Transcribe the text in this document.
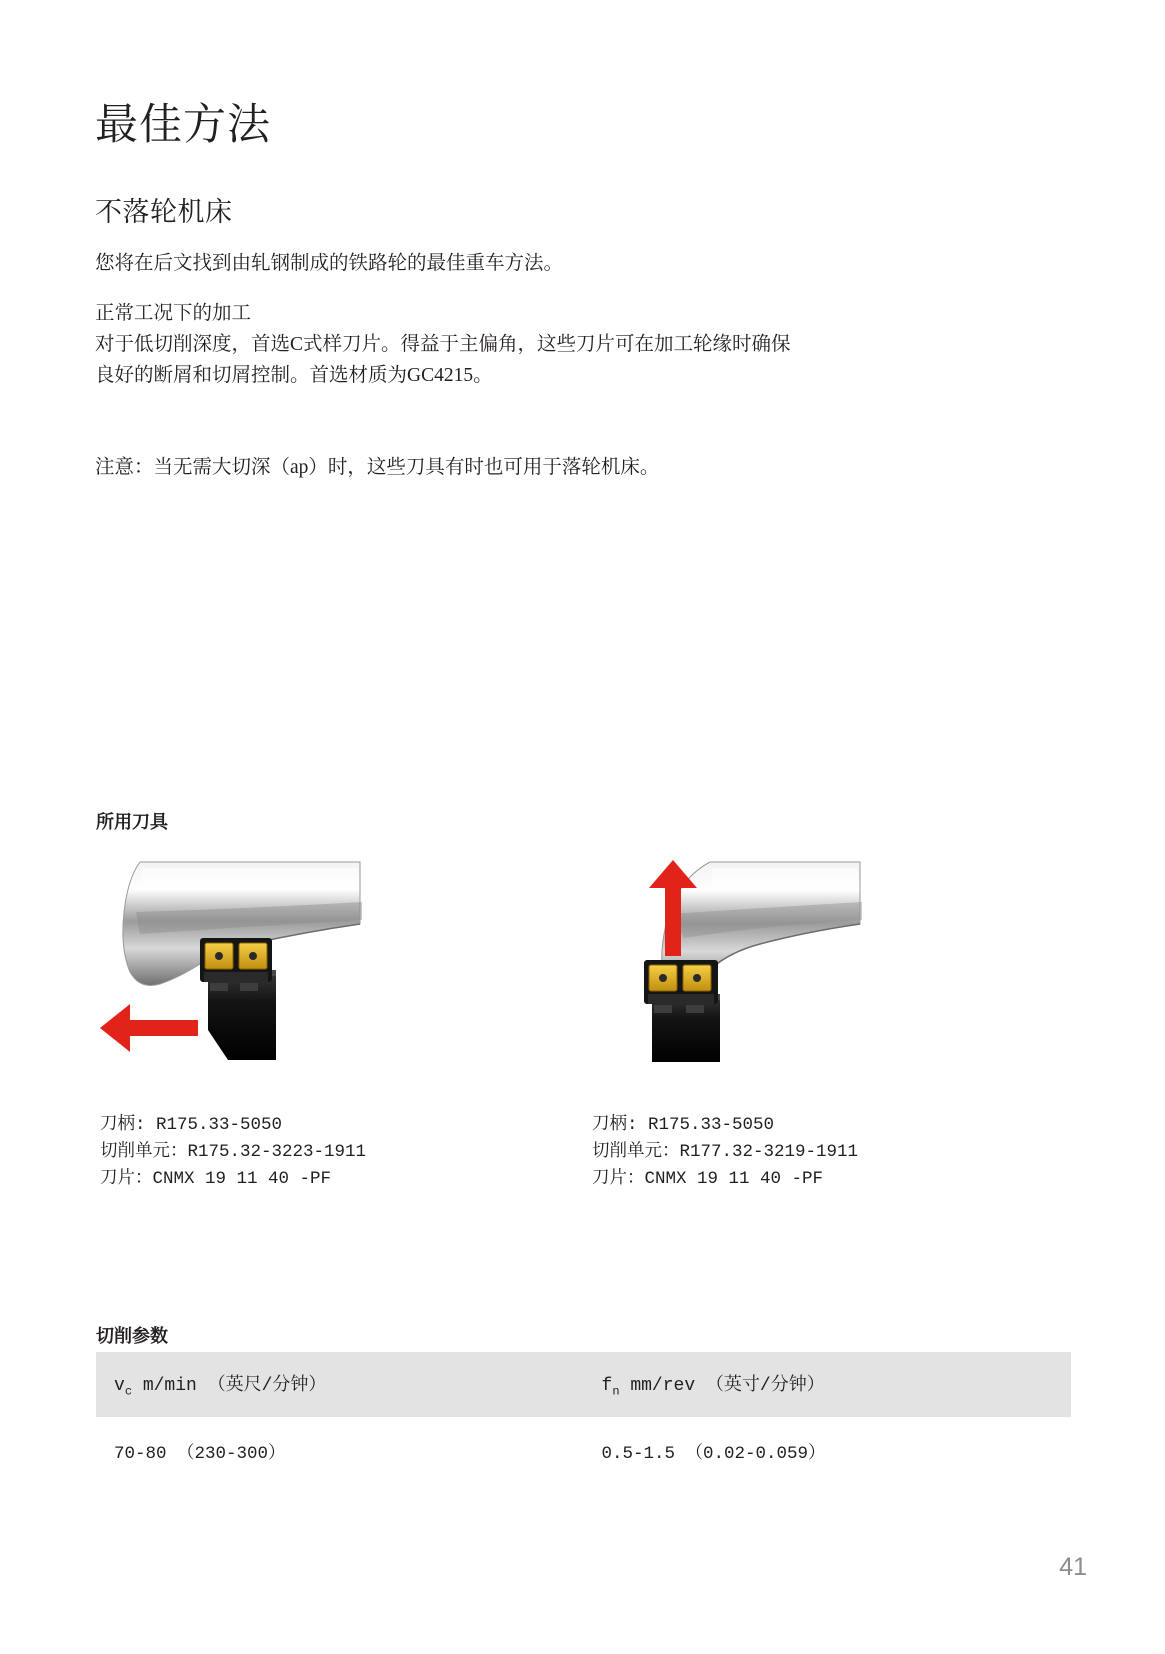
最佳方法
不落轮机床

您将在后文找到由轧钢制成的铁路轮的最佳重车方法。

正常工况下的加工
对于低切削深度，首选C式样刀片。得益于主偏角，这些刀片可在加工轮缘时确保
良好的断屑和切屑控制。首选材质为GC4215。

注意：当无需大切深（ap）时，这些刀具有时也可用于落轮机床。

所用刀具
刀柄: R175.33-5050
切削单元：R175.32-3223-1911
刀片：CNMX 19 11 40 -PF
刀柄: R175.33-5050
切削单元：R177.32-3219-1911
刀片：CNMX 19 11 40 -PF
切削参数
$v_c$ m/min （英尺/分钟）	$f_n$ mm/rev （英寸/分钟）
70-80 （230-300）	0.5-1.5 （0.02-0.059）
41
